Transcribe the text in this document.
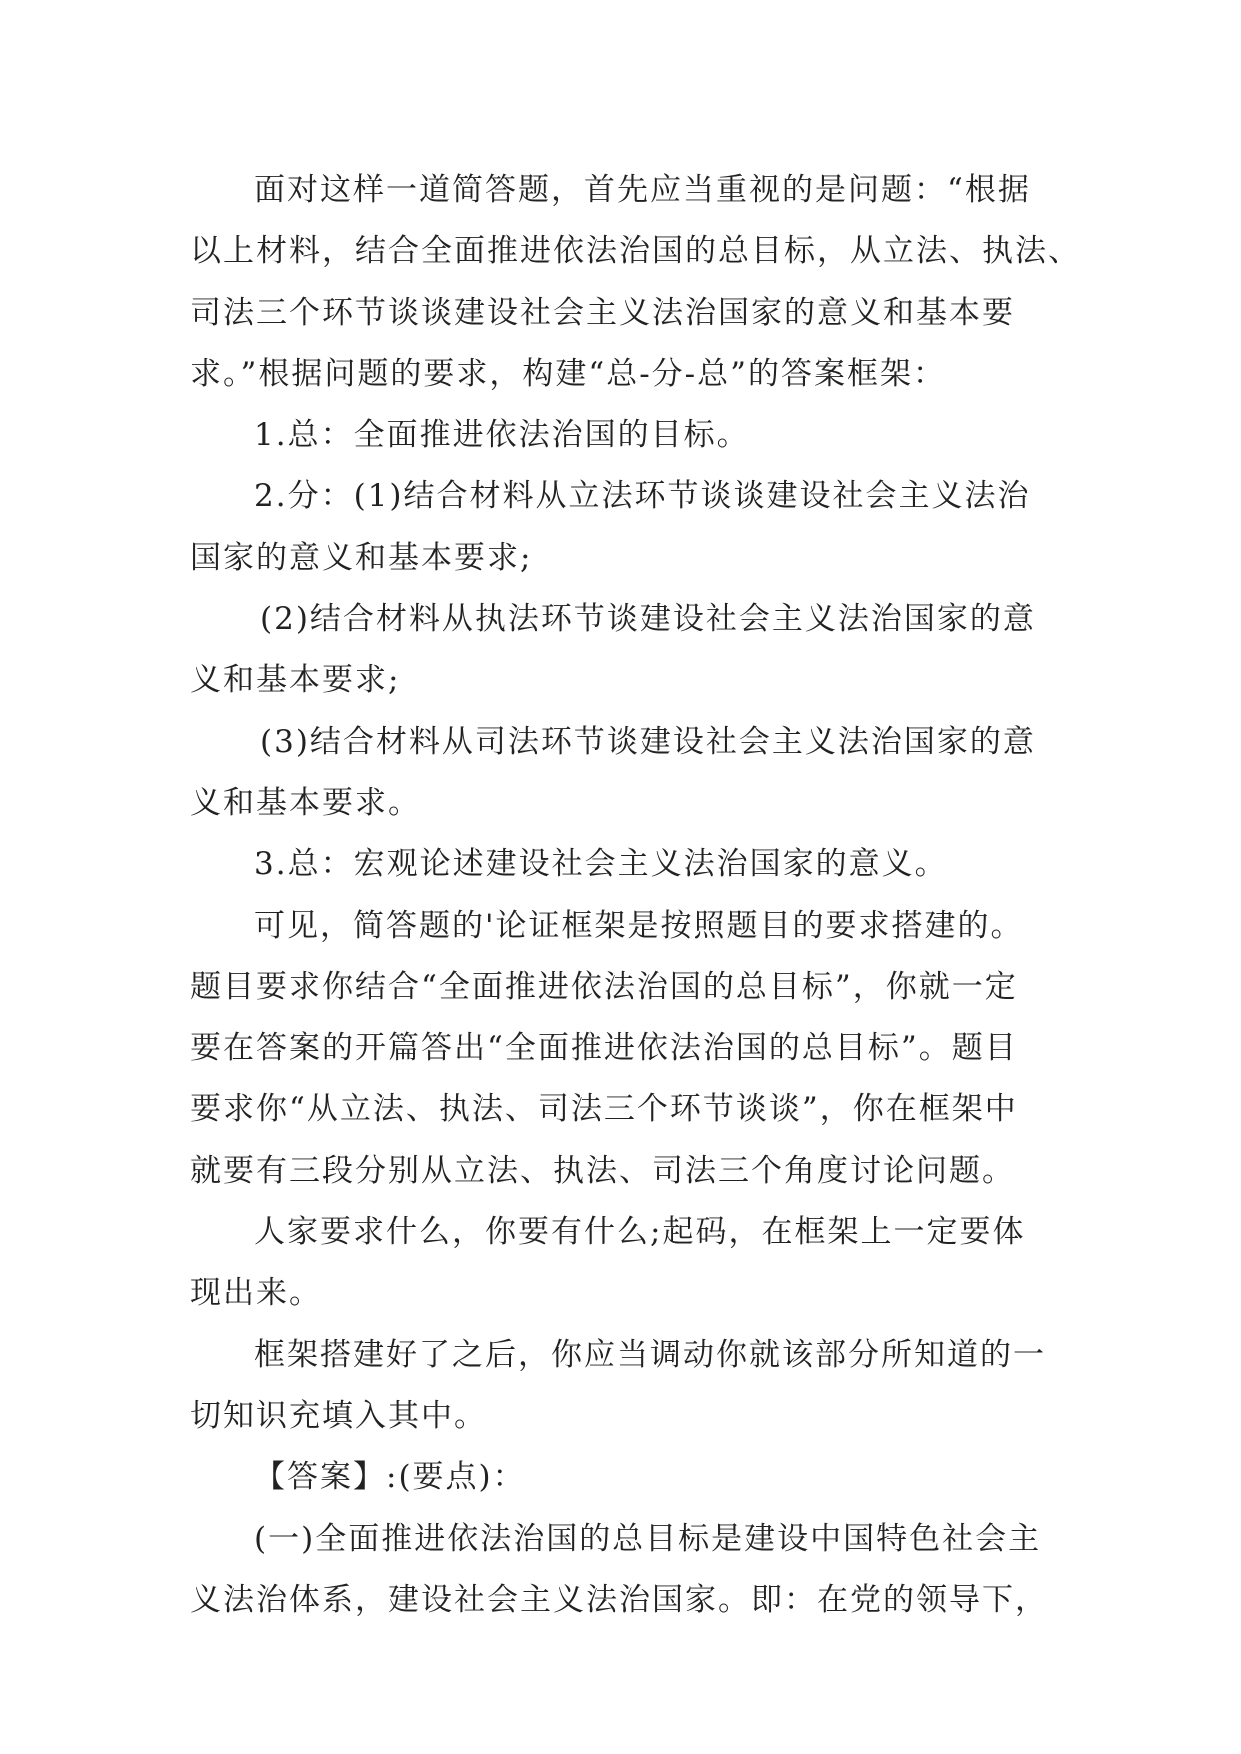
面对这样一道简答题，首先应当重视的是问题：“根据
以上材料，结合全面推进依法治国的总目标，从立法、执法、
司法三个环节谈谈建设社会主义法治国家的意义和基本要
求。”根据问题的要求，构建“总-分-总”的答案框架：
1.总：全面推进依法治国的目标。
2.分：(1)结合材料从立法环节谈谈建设社会主义法治
国家的意义和基本要求;
(2)结合材料从执法环节谈建设社会主义法治国家的意
义和基本要求;
(3)结合材料从司法环节谈建设社会主义法治国家的意
义和基本要求。
3.总：宏观论述建设社会主义法治国家的意义。
可见，简答题的'论证框架是按照题目的要求搭建的。
题目要求你结合“全面推进依法治国的总目标”，你就一定
要在答案的开篇答出“全面推进依法治国的总目标”。题目
要求你“从立法、执法、司法三个环节谈谈”，你在框架中
就要有三段分别从立法、执法、司法三个角度讨论问题。
人家要求什么，你要有什么;起码，在框架上一定要体
现出来。
框架搭建好了之后，你应当调动你就该部分所知道的一
切知识充填入其中。
【答案】:(要点)：
(一)全面推进依法治国的总目标是建设中国特色社会主
义法治体系，建设社会主义法治国家。即：在党的领导下，
